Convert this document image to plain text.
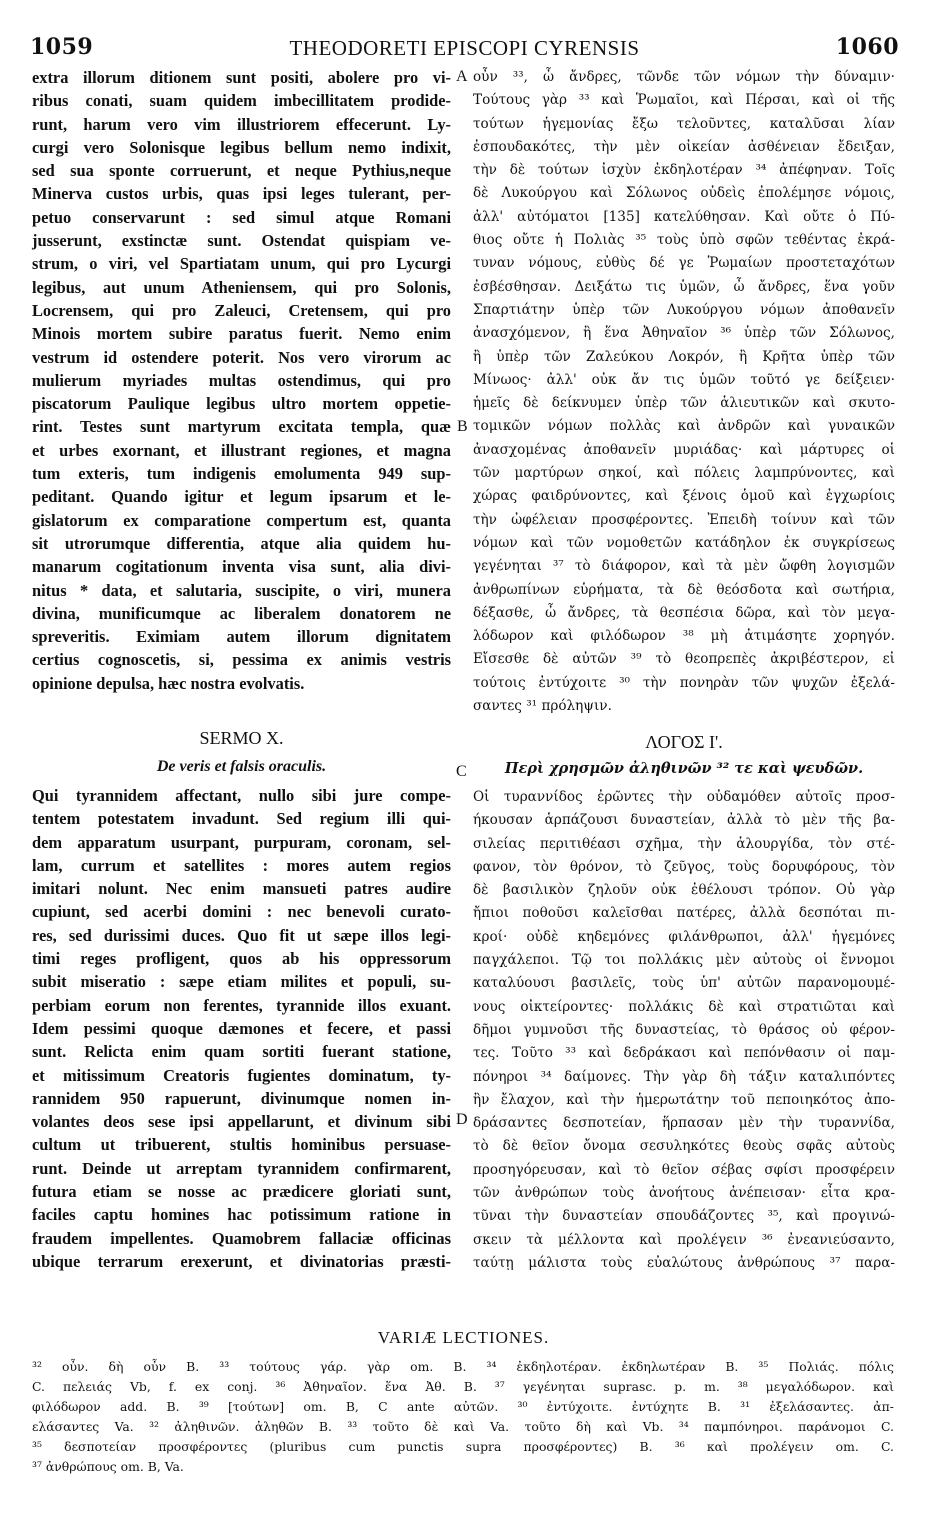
1059	THEODORETI EPISCOPI CYRENSIS	1060
A
B
C
D
extra illorum ditionem sunt positi, abolere pro vi-
ribus conati, suam quidem imbecillitatem prodide-
runt, harum vero vim illustriorem effecerunt. Ly-
curgi vero Solonisque legibus bellum nemo indixit,
sed sua sponte corruerunt, et neque Pythius,neque
Minerva custos urbis, quas ipsi leges tulerant, per-
petuo conservarunt : sed simul atque Romani
jusserunt, exstinctæ sunt. Ostendat quispiam ve-
strum, o viri, vel Spartiatam unum, qui pro Lycurgi
legibus, aut unum Atheniensem, qui pro Solonis,
Locrensem, qui pro Zaleuci, Cretensem, qui pro
Minois mortem subire paratus fuerit. Nemo enim
vestrum id ostendere poterit. Nos vero virorum ac
mulierum myriades multas ostendimus, qui pro
piscatorum Paulique legibus ultro mortem oppetie-
rint. Testes sunt martyrum excitata templa, quæ
et urbes exornant, et illustrant regiones, et magna
tum exteris, tum indigenis emolumenta 949 sup-
peditant. Quando igitur et legum ipsarum et le-
gislatorum ex comparatione compertum est, quanta
sit utrorumque differentia, atque alia quidem hu-
manarum cogitationum inventa visa sunt, alia divi-
nitus * data, et salutaria, suscipite, o viri, munera
divina, munificumque ac liberalem donatorem ne
spreveritis. Eximiam autem illorum dignitatem
certius cognoscetis, si, pessima ex animis vestris
opinione depulsa, hæc nostra evolvatis.
οὖν ³³, ὦ ἄνδρες, τῶνδε τῶν νόμων τὴν δύναμιν·
Τούτους γὰρ ³³ καὶ Ῥωμαῖοι, καὶ Πέρσαι, καὶ οἱ τῆς
τούτων ἡγεμονίας ἔξω τελοῦντες, καταλῦσαι λίαν
ἐσπουδακότες, τὴν μὲν οἰκείαν ἀσθένειαν ἔδειξαν,
τὴν δὲ τούτων ἰσχὺν ἐκδηλοτέραν ³⁴ ἀπέφηναν. Τοῖς
δὲ Λυκούργου καὶ Σόλωνος οὐδεὶς ἐπολέμησε νόμοις,
ἀλλ' αὐτόματοι [135] κατελύθησαν. Καὶ οὔτε ὁ Πύ-
θιος οὔτε ἡ Πολιὰς ³⁵ τοὺς ὑπὸ σφῶν τεθέντας ἐκρά-
τυναν νόμους, εὐθὺς δέ γε Ῥωμαίων προστεταχότων
ἐσβέσθησαν. Δειξάτω τις ὑμῶν, ὦ ἄνδρες, ἕνα γοῦν
Σπαρτιάτην ὑπὲρ τῶν Λυκούργου νόμων ἀποθανεῖν
ἀνασχόμενον, ἢ ἕνα Ἀθηναῖον ³⁶ ὑπὲρ τῶν Σόλωνος,
ἢ ὑπὲρ τῶν Ζαλεύκου Λοκρόν, ἢ Κρῆτα ὑπὲρ τῶν
Μίνωος· ἀλλ' οὐκ ἄν τις ὑμῶν τοῦτό γε δείξειεν·
ἡμεῖς δὲ δείκνυμεν ὑπὲρ τῶν ἁλιευτικῶν καὶ σκυτο-
τομικῶν νόμων πολλὰς καὶ ἀνδρῶν καὶ γυναικῶν
ἀνασχομένας ἀποθανεῖν μυριάδας· καὶ μάρτυρες οἱ
τῶν μαρτύρων σηκοί, καὶ πόλεις λαμπρύνοντες, καὶ
χώρας φαιδρύνοντες, καὶ ξένοις ὁμοῦ καὶ ἐγχωρίοις
τὴν ὠφέλειαν προσφέροντες. Ἐπειδὴ τοίνυν καὶ τῶν
νόμων καὶ τῶν νομοθετῶν κατάδηλον ἐκ συγκρίσεως
γεγένηται ³⁷ τὸ διάφορον, καὶ τὰ μὲν ὤφθη λογισμῶν
ἀνθρωπίνων εὑρήματα, τὰ δὲ θεόσδοτα καὶ σωτήρια,
δέξασθε, ὦ ἄνδρες, τὰ θεσπέσια δῶρα, καὶ τὸν μεγα-
λόδωρον καὶ φιλόδωρον ³⁸ μὴ ἀτιμάσητε χορηγόν.
Εἴσεσθε δὲ αὐτῶν ³⁹ τὸ θεοπρεπὲς ἀκριβέστερον, εἰ
τούτοις ἐντύχοιτε ³⁰ τὴν πονηρὰν τῶν ψυχῶν ἐξελά-
σαντες ³¹ πρόληψιν.
SERMO X.
De veris et falsis oraculis.
ΛΟΓΟΣ Ι'.
Περὶ χρησμῶν ἀληθινῶν ³² τε καὶ ψευδῶν.
Qui tyrannidem affectant, nullo sibi jure compe-
tentem potestatem invadunt. Sed regium illi qui-
dem apparatum usurpant, purpuram, coronam, sel-
lam, currum et satellites : mores autem regios
imitari nolunt. Nec enim mansueti patres audire
cupiunt, sed acerbi domini : nec benevoli curato-
res, sed durissimi duces. Quo fit ut sæpe illos legi-
timi reges profligent, quos ab his oppressorum
subit miseratio : sæpe etiam milites et populi, su-
perbiam eorum non ferentes, tyrannide illos exuant.
Idem pessimi quoque dæmones et fecere, et passi
sunt. Relicta enim quam sortiti fuerant statione,
et mitissimum Creatoris fugientes dominatum, ty-
rannidem 950 rapuerunt, divinumque nomen in-
volantes deos sese ipsi appellarunt, et divinum sibi
cultum ut tribuerent, stultis hominibus persuase-
runt. Deinde ut arreptam tyrannidem confirmarent,
futura etiam se nosse ac prædicere gloriati sunt,
faciles captu homines hac potissimum ratione in
fraudem impellentes. Quamobrem fallaciæ officinas
ubique terrarum erexerunt, et divinatorias præsti-
Οἱ τυραννίδος ἐρῶντες τὴν οὐδαμόθεν αὐτοῖς προσ-
ήκουσαν ἁρπάζουσι δυναστείαν, ἀλλὰ τὸ μὲν τῆς βα-
σιλείας περιτιθέασι σχῆμα, τὴν ἁλουργίδα, τὸν στέ-
φανον, τὸν θρόνον, τὸ ζεῦγος, τοὺς δορυφόρους, τὸν
δὲ βασιλικὸν ζηλοῦν οὐκ ἐθέλουσι τρόπον. Οὐ γὰρ
ἤπιοι ποθοῦσι καλεῖσθαι πατέρες, ἀλλὰ δεσπόται πι-
κροί· οὐδὲ κηδεμόνες φιλάνθρωποι, ἀλλ' ἡγεμόνες
παγχάλεποι. Τῷ τοι πολλάκις μὲν αὐτοὺς οἱ ἔννομοι
καταλύουσι βασιλεῖς, τοὺς ὑπ' αὐτῶν παρανομουμέ-
νους οἰκτείροντες· πολλάκις δὲ καὶ στρατιῶται καὶ
δῆμοι γυμνοῦσι τῆς δυναστείας, τὸ θράσος οὐ φέρον-
τες. Τοῦτο ³³ καὶ δεδράκασι καὶ πεπόνθασιν οἱ παμ-
πόνηροι ³⁴ δαίμονες. Τὴν γὰρ δὴ τάξιν καταλιπόντες
ἣν ἔλαχον, καὶ τὴν ἡμερωτάτην τοῦ πεποιηκότος ἀπο-
δράσαντες δεσποτείαν, ἥρπασαν μὲν τὴν τυραννίδα,
τὸ δὲ θεῖον ὄνομα σεσυληκότες θεοὺς σφᾶς αὐτοὺς
προσηγόρευσαν, καὶ τὸ θεῖον σέβας σφίσι προσφέρειν
τῶν ἀνθρώπων τοὺς ἀνοήτους ἀνέπεισαν· εἶτα κρα-
τῦναι τὴν δυναστείαν σπουδάζοντες ³⁵, καὶ προγινώ-
σκειν τὰ μέλλοντα καὶ προλέγειν ³⁶ ἐνεανιεύσαντο,
ταύτῃ μάλιστα τοὺς εὐαλώτους ἀνθρώπους ³⁷ παρα-
VARIÆ LECTIONES.
³² οὖν. δὴ οὖν B. ³³ τούτους γάρ. γὰρ om. B. ³⁴ ἐκδηλοτέραν. ἐκδηλωτέραν B. ³⁵ Πολιάς. πόλις
C. πελειάς Vb, f. ex conj. ³⁶ Ἀθηναῖον. ἕνα Ἀθ. B. ³⁷ γεγένηται suprasc. p. m. ³⁸ μεγαλόδωρον. καὶ
φιλόδωρον add. B. ³⁹ [τούτων] om. B, C ante αὐτῶν. ³⁰ ἐντύχοιτε. ἐντύχητε B. ³¹ ἐξελάσαντες. ἀπ-
ελάσαντες Va. ³² ἀληθινῶν. ἀληθῶν B. ³³ τοῦτο δὲ καὶ Va. τοῦτο δὴ καὶ Vb. ³⁴ παμπόνηροι. παράνομοι C.
³⁵ δεσποτείαν προσφέροντες (pluribus cum punctis supra προσφέροντες) B. ³⁶ καὶ προλέγειν om. C.
³⁷ ἀνθρώπους om. B, Va.
